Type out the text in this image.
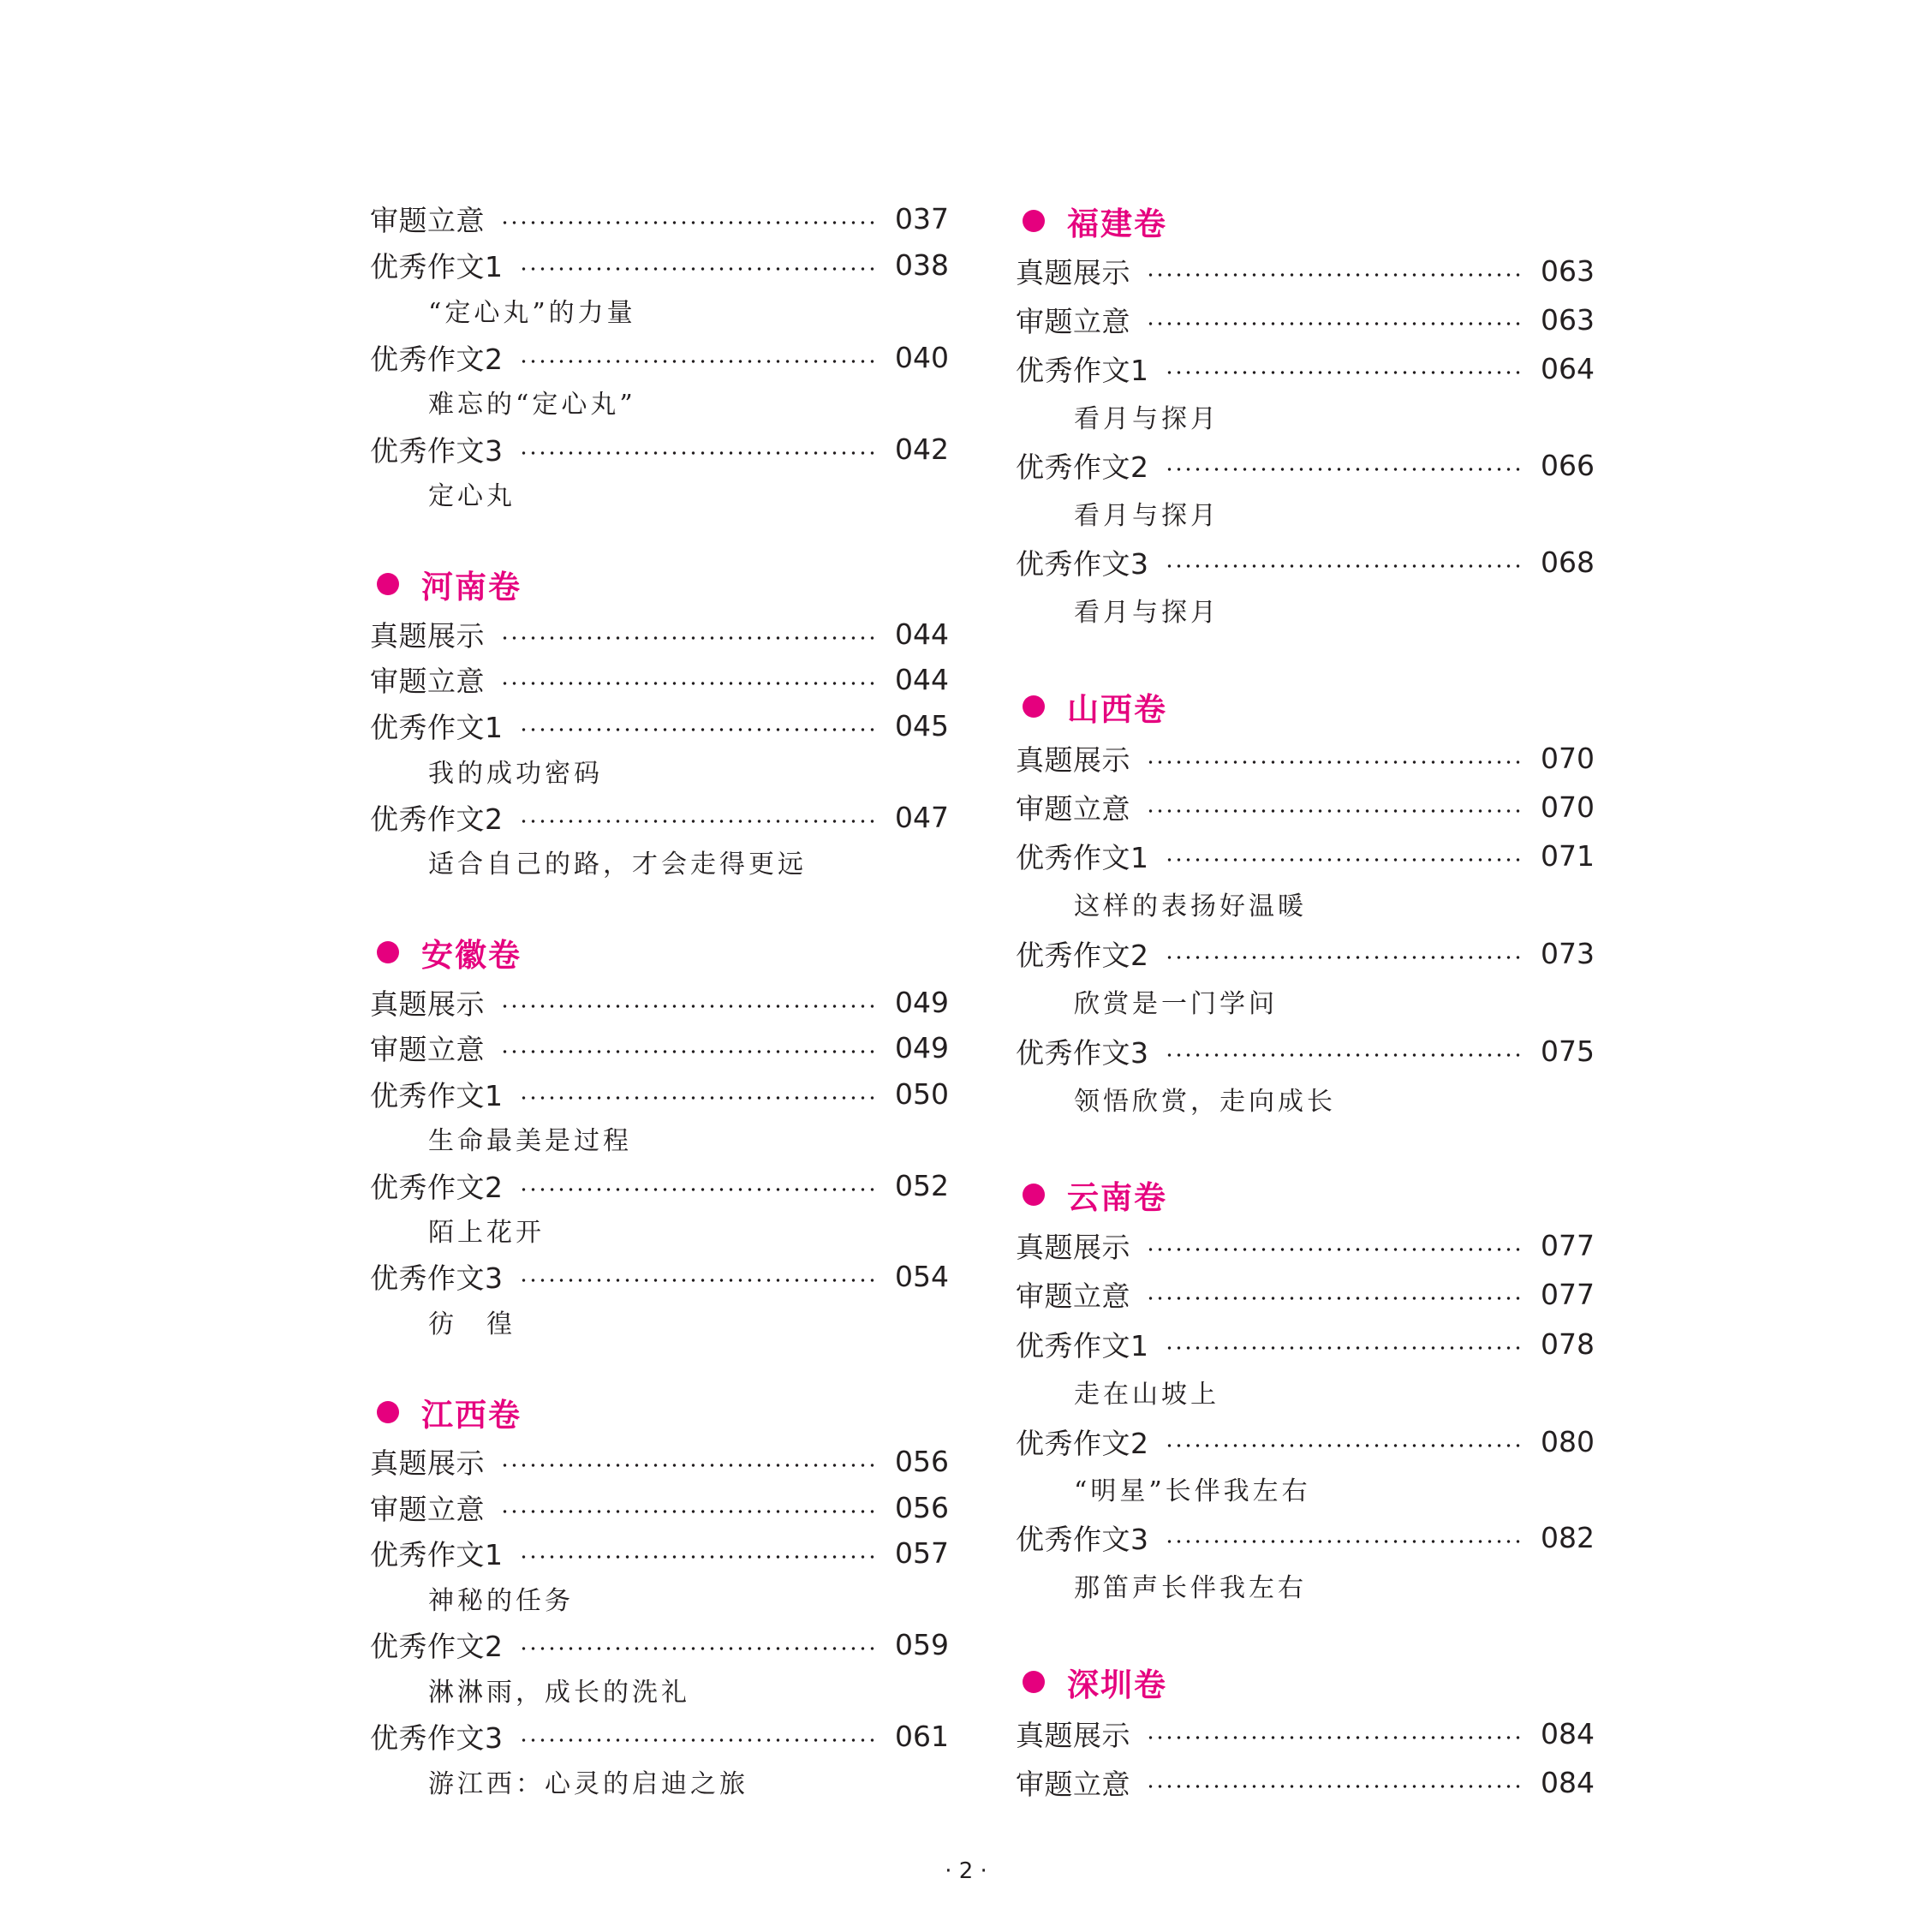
审题立意	037
优秀作文1	038
“定心丸”的力量
优秀作文2	040
难忘的“定心丸”
优秀作文3	042
定心丸
河南卷
真题展示	044
审题立意	044
优秀作文1	045
我的成功密码
优秀作文2	047
适合自己的路，才会走得更远
安徽卷
真题展示	049
审题立意	049
优秀作文1	050
生命最美是过程
优秀作文2	052
陌上花开
优秀作文3	054
彷　徨
江西卷
真题展示	056
审题立意	056
优秀作文1	057
神秘的任务
优秀作文2	059
淋淋雨，成长的洗礼
优秀作文3	061
游江西：心灵的启迪之旅
福建卷
真题展示	063
审题立意	063
优秀作文1	064
看月与探月
优秀作文2	066
看月与探月
优秀作文3	068
看月与探月
山西卷
真题展示	070
审题立意	070
优秀作文1	071
这样的表扬好温暖
优秀作文2	073
欣赏是一门学问
优秀作文3	075
领悟欣赏，走向成长
云南卷
真题展示	077
审题立意	077
优秀作文1	078
走在山坡上
优秀作文2	080
“明星”长伴我左右
优秀作文3	082
那笛声长伴我左右
深圳卷
真题展示	084
审题立意	084
· 2 ·
